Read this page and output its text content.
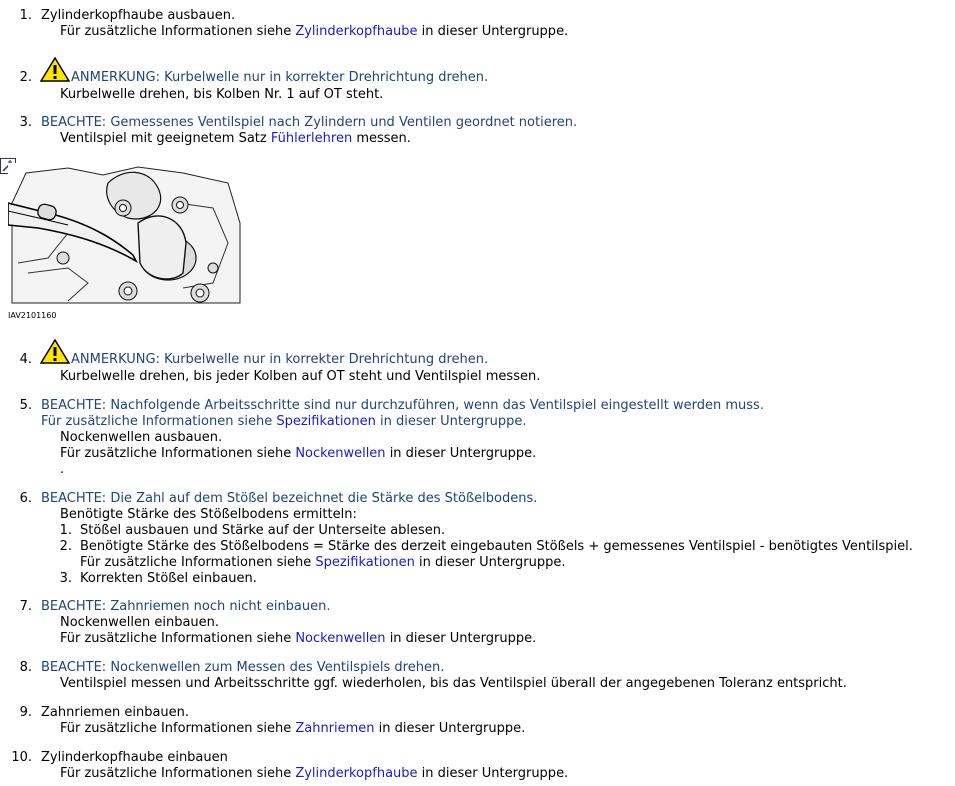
1. Zylinderkopfhaube ausbauen.
Für zusätzliche Informationen siehe Zylinderkopfhaube in dieser Untergruppe.
2.	ANMERKUNG: Kurbelwelle nur in korrekter Drehrichtung drehen.
Kurbelwelle drehen, bis Kolben Nr. 1 auf OT steht.
3. BEACHTE: Gemessenes Ventilspiel nach Zylindern und Ventilen geordnet notieren.
Ventilspiel mit geeignetem Satz Fühlerlehren messen.
IAV2101160
4.	ANMERKUNG: Kurbelwelle nur in korrekter Drehrichtung drehen.
Kurbelwelle drehen, bis jeder Kolben auf OT steht und Ventilspiel messen.
5. BEACHTE: Nachfolgende Arbeitsschritte sind nur durchzuführen, wenn das Ventilspiel eingestellt werden muss.
Für zusätzliche Informationen siehe Spezifikationen in dieser Untergruppe.
Nockenwellen ausbauen.
Für zusätzliche Informationen siehe Nockenwellen in dieser Untergruppe.
.
6. BEACHTE: Die Zahl auf dem Stößel bezeichnet die Stärke des Stößelbodens.
Benötigte Stärke des Stößelbodens ermitteln:
1. Stößel ausbauen und Stärke auf der Unterseite ablesen.
2. Benötigte Stärke des Stößelbodens = Stärke des derzeit eingebauten Stößels + gemessenes Ventilspiel - benötigtes Ventilspiel.
Für zusätzliche Informationen siehe Spezifikationen in dieser Untergruppe.
3. Korrekten Stößel einbauen.
7. BEACHTE: Zahnriemen noch nicht einbauen.
Nockenwellen einbauen.
Für zusätzliche Informationen siehe Nockenwellen in dieser Untergruppe.
8. BEACHTE: Nockenwellen zum Messen des Ventilspiels drehen.
Ventilspiel messen und Arbeitsschritte ggf. wiederholen, bis das Ventilspiel überall der angegebenen Toleranz entspricht.
9. Zahnriemen einbauen.
Für zusätzliche Informationen siehe Zahnriemen in dieser Untergruppe.
10. Zylinderkopfhaube einbauen
Für zusätzliche Informationen siehe Zylinderkopfhaube in dieser Untergruppe.
